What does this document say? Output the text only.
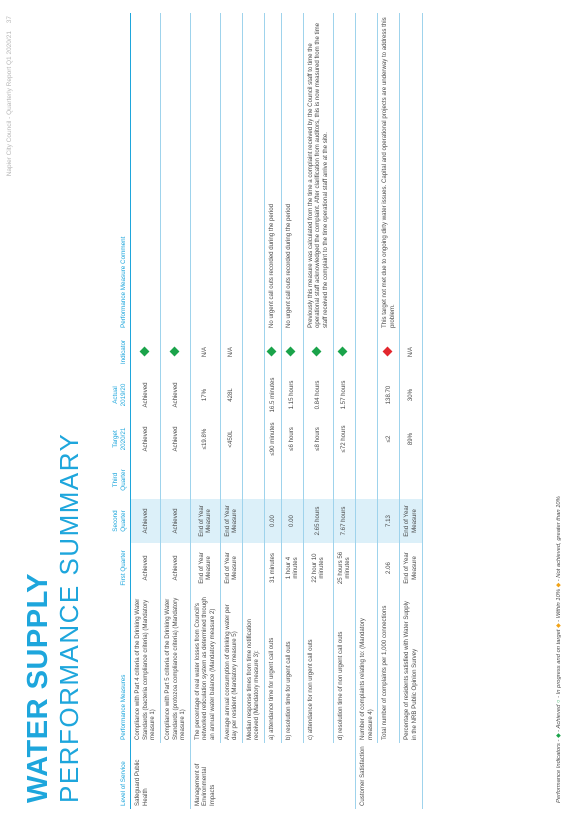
Napier City Council - Quarterly Report Q1 2020/21 37
WATER SUPPLY PERFORMANCE SUMMARY	Level of Service	Performance Measures	First Quarter	Second Quarter	Third Quarter	Target 2020/21	Actual 2019/20	Indicator	Performance Measure Comment
Safeguard Public Health	Compliance with Part 4 criteria of the Drinking Water Standards (bacteria compliance criteria) (Mandatory measure 1)	Achieved	Achieved		Achieved	Achieved		
	Compliance with Part 5 criteria of the Drinking Water Standards (protozoa compliance criteria) (Mandatory measure 1)	Achieved	Achieved		Achieved	Achieved		
Management of Environmental Impacts	The percentage of real water losses from Council's networked reticulation system as determined through an annual water balance (Mandatory measure 2)	End of Year Measure	End of Year Measure		≤19.8%	17%	N/A	
	Average annual consumption of drinking water per day per resident (Mandatory measure 5)	End of Year Measure	End of Year Measure		<450L	428L	N/A	
	Median response times from time notification received (Mandatory measure 3):							
	a) attendance time for urgent call outs	31 minutes	0.00		≤90 minutes	16.5 minutes		No urgent call outs recorded during the period
	b) resolution time for urgent call outs	1 hour 4 minutes	0.00		≤6 hours	1.15 hours		No urgent call outs recorded during the period
	c) attendance for non urgent call outs	22 hour 10 minutes	2.65 hours		≤8 hours	0.84 hours		Previously this measure was calculated from the time a complaint received by the Council staff to time the operational staff acknowledged the complaint. After clarification from auditors, this is now measured from the time staff received the complaint to the time operational staff arrive at the site.
	d) resolution time of non urgent call outs	25 hours 56 minutes	7.67 hours		≤72 hours	1.57 hours		
Customer Satisfaction	Number of complaints relating to: (Mandatory measure 4)							
	Total number of complaints per 1,000 connections	2.06	7.13		≤2	138.70		This target not met due to ongoing dirty water issues. Capital and operational projects are underway to address this problem.
	Percentage of residents satisfied with Water Supply in the NRB Public Opinion Survey	End of Year Measure	End of Year Measure		89%	30%	N/A	
Performance Indicators - ◆ - Achieved ○ - In progress and on target ◆ - Within 10% ◆ - Not achieved, greater than 10%
